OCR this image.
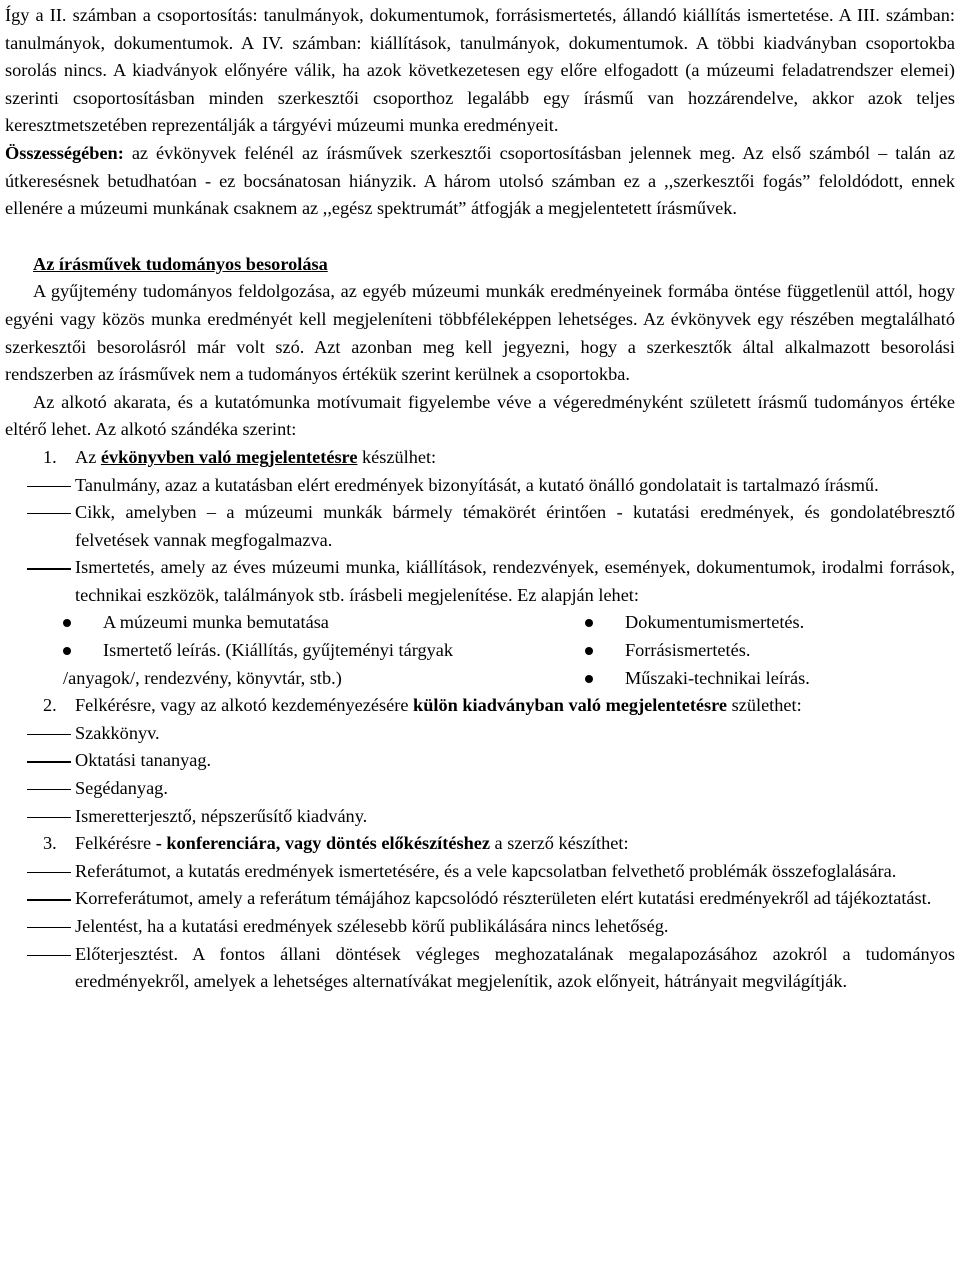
Így a II. számban a csoportosítás: tanulmányok, dokumentumok, forrásismertetés, állandó kiállítás ismertetése. A III. számban: tanulmányok, dokumentumok. A IV. számban: kiállítások, tanulmányok, dokumentumok. A többi kiadványban csoportokba sorolás nincs. A kiadványok előnyére válik, ha azok következetesen egy előre elfogadott (a múzeumi feladatrendszer elemei) szerinti csoportosításban minden szerkesztői csoporthoz legalább egy írásmű van hozzárendelve, akkor azok teljes keresztmetszetében reprezentálják a tárgyévi múzeumi munka eredményeit.

Összességében: az évkönyvek felénél az írásművek szerkesztői csoportosításban jelennek meg. Az első számból – talán az útkeresésnek betudhatóan - ez bocsánatosan hiányzik. A három utolsó számban ez a ,,szerkesztői fogás” feloldódott, ennek ellenére a múzeumi munkának csaknem az ,,egész spektrumát” átfogják a megjelentetett írásművek.

Az írásművek tudományos besorolása

A gyűjtemény tudományos feldolgozása, az egyéb múzeumi munkák eredményeinek formába öntése függetlenül attól, hogy egyéni vagy közös munka eredményét kell megjeleníteni többféleképpen lehetséges. Az évkönyvek egy részében megtalálható szerkesztői besorolásról már volt szó. Azt azonban meg kell jegyezni, hogy a szerkesztők által alkalmazott besorolási rendszerben az írásművek nem a tudományos értékük szerint kerülnek a csoportokba.

Az alkotó akarata, és a kutatómunka motívumait figyelembe véve a végeredményként született írásmű tudományos értéke eltérő lehet. Az alkotó szándéka szerint:

1. Az évkönyvben való megjelentetésre készülhet:
Tanulmány, azaz a kutatásban elért eredmények bizonyítását, a kutató önálló gondolatait is tartalmazó írásmű.
Cikk, amelyben – a múzeumi munkák bármely témakörét érintően - kutatási eredmények, és gondolatébresztő felvetések vannak megfogalmazva.
Ismertetés, amely az éves múzeumi munka, kiállítások, rendezvények, események, dokumentumok, irodalmi források, technikai eszközök, találmányok stb. írásbeli megjelenítése. Ez alapján lehet:
A múzeumi munka bemutatása
Ismertető leírás. (Kiállítás, gyűjteményi tárgyak /anyagok/, rendezvény, könyvtár, stb.)
Dokumentumismertetés.
Forrásismertetés.
Műszaki-technikai leírás.
2. Felkérésre, vagy az alkotó kezdeményezésére külön kiadványban való megjelentetésre születhet:
Szakkönyv.
Oktatási tananyag.
Segédanyag.
Ismeretterjesztő, népszerűsítő kiadvány.
3. Felkérésre - konferenciára, vagy döntés előkészítéshez a szerző készíthet:
Referátumot, a kutatás eredmények ismertetésére, és a vele kapcsolatban felvethető problémák összefoglalására.
Korreferátumot, amely a referátum témájához kapcsolódó részterületen elért kutatási eredményekről ad tájékoztatást.
Jelentést, ha a kutatási eredmények szélesebb körű publikálására nincs lehetőség.
Előterjesztést. A fontos állani döntések végleges meghozatalának megalapozásához azokról a tudományos eredményekről, amelyek a lehetséges alternatívákat megjelenítik, azok előnyeit, hátrányait megvilágítják.
